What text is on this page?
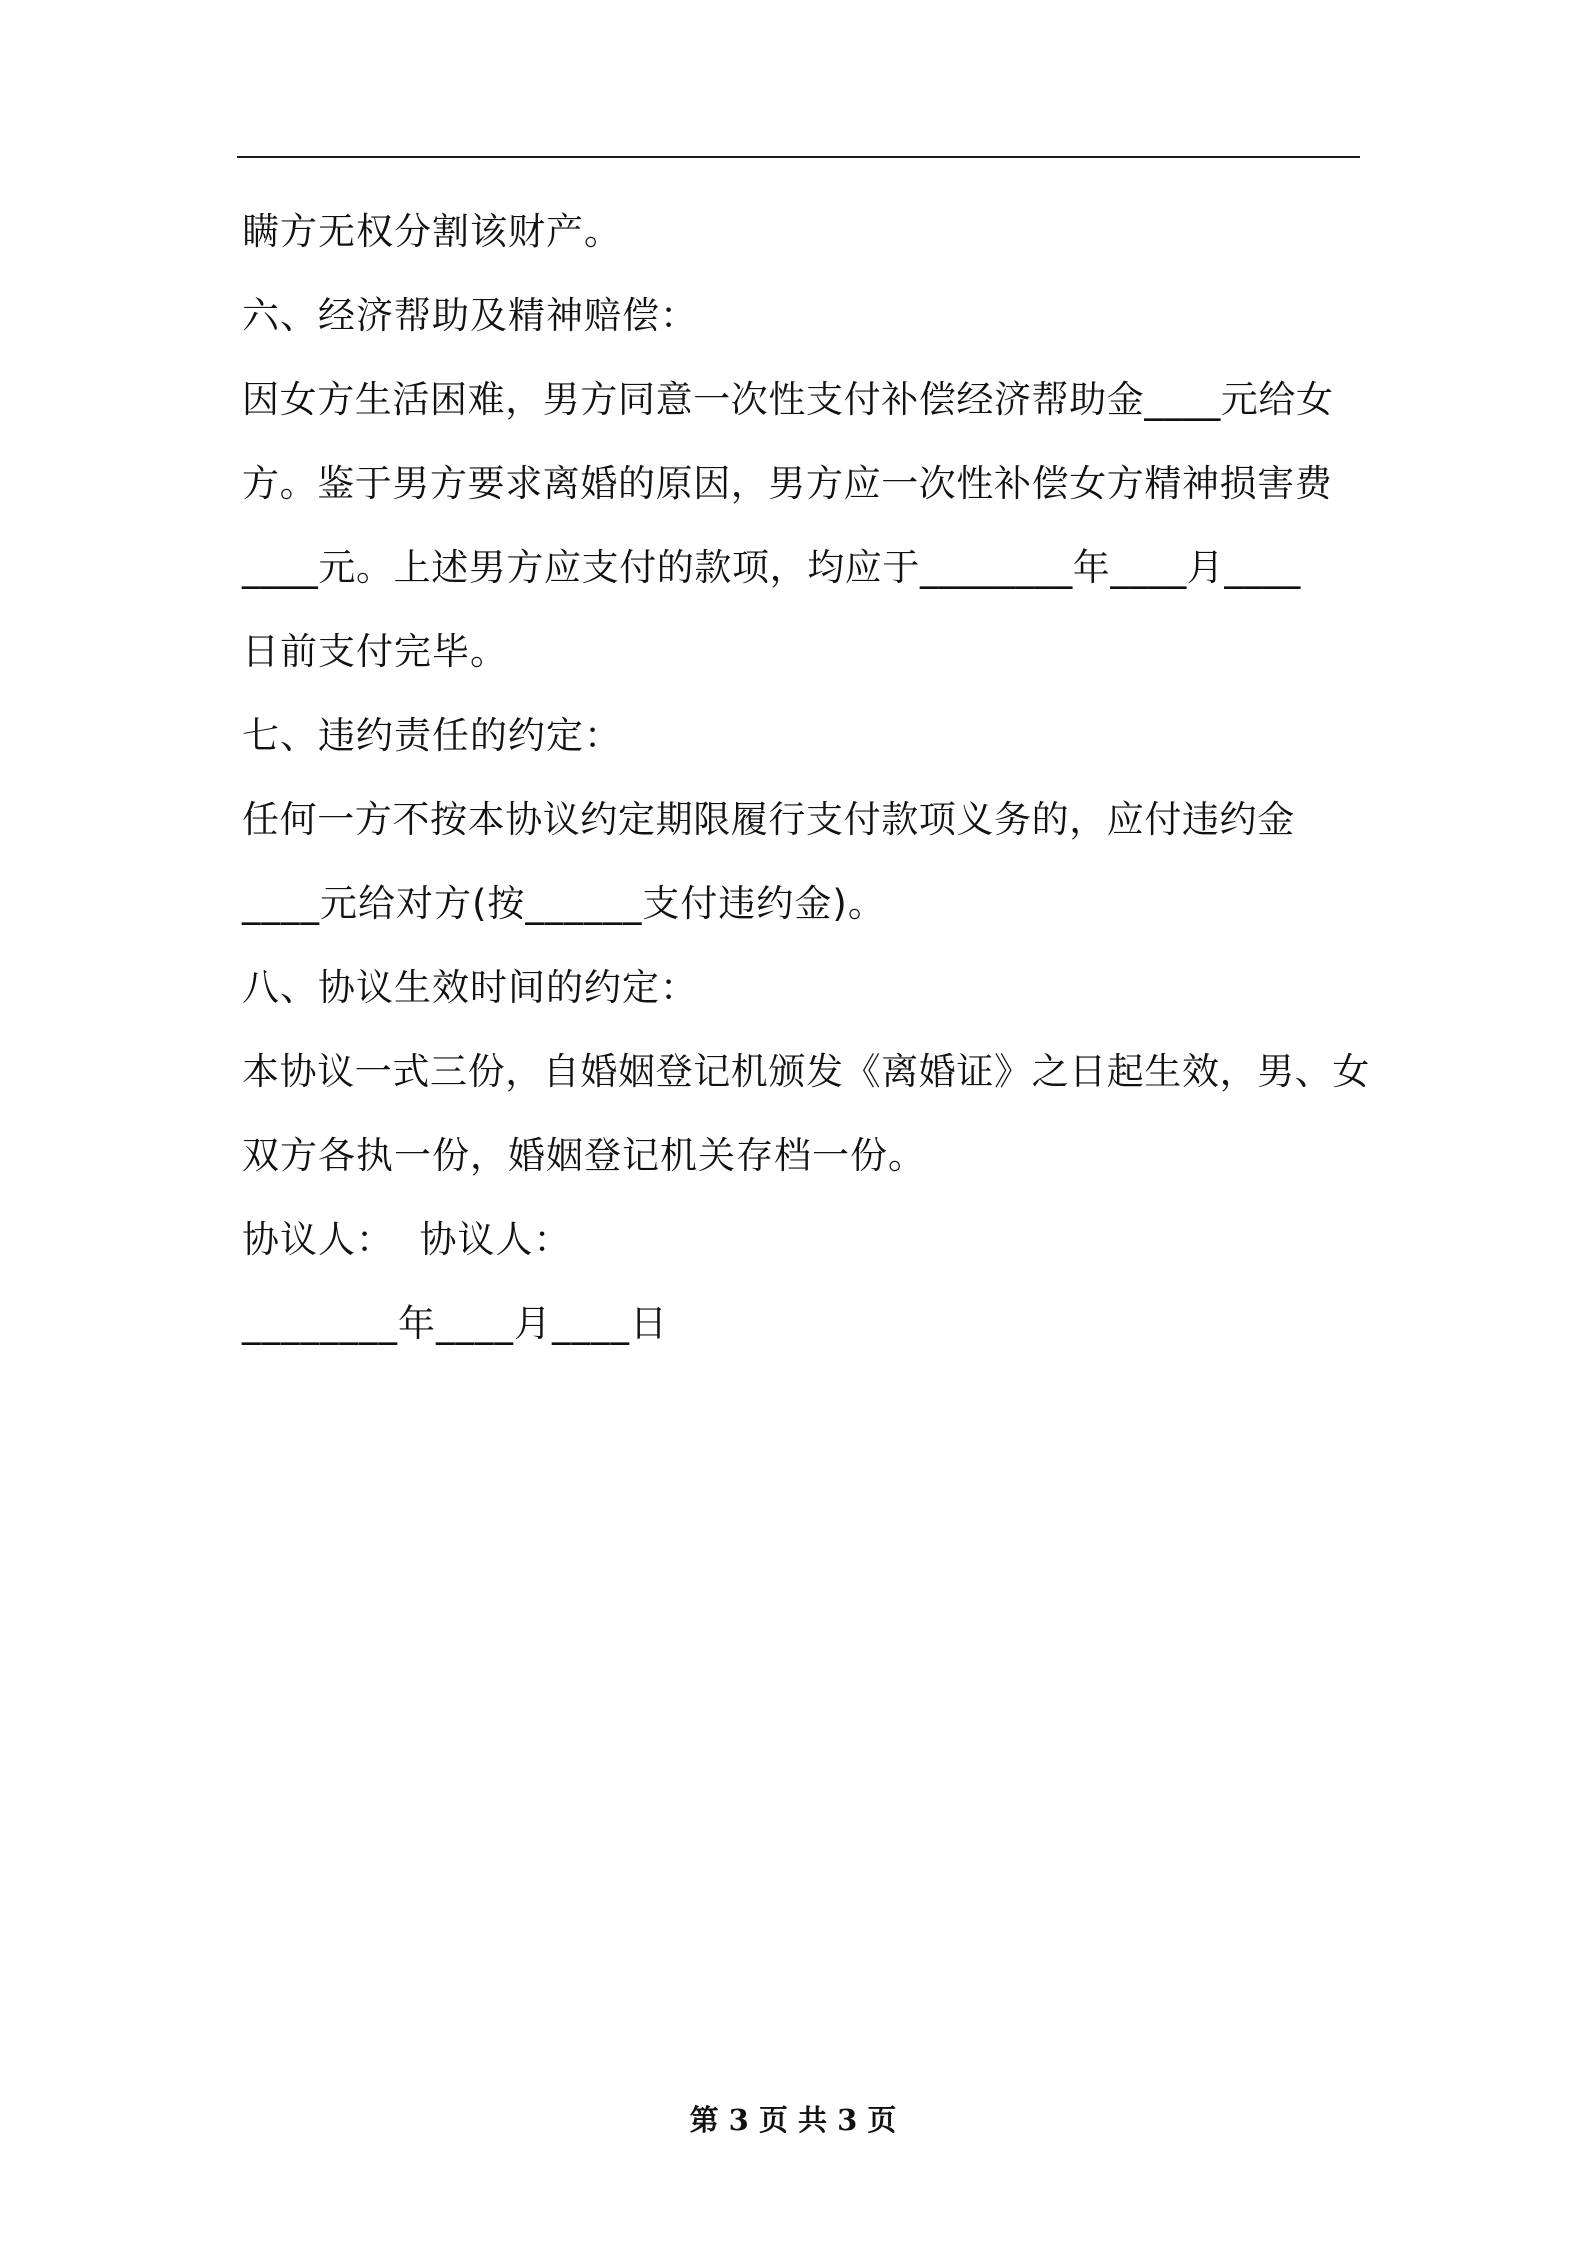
瞒方无权分割该财产。
六、经济帮助及精神赔偿：
因女方生活困难，男方同意一次性支付补偿经济帮助金____元给女
方。鉴于男方要求离婚的原因，男方应一次性补偿女方精神损害费
____元。上述男方应支付的款项，均应于________年____月____
日前支付完毕。
七、违约责任的约定：
任何一方不按本协议约定期限履行支付款项义务的，应付违约金
____元给对方(按______支付违约金)。
八、协议生效时间的约定：
本协议一式三份，自婚姻登记机颁发《离婚证》之日起生效，男、女
双方各执一份，婚姻登记机关存档一份。
协议人：  协议人：
________年____月____日
第 3 页 共 3 页
